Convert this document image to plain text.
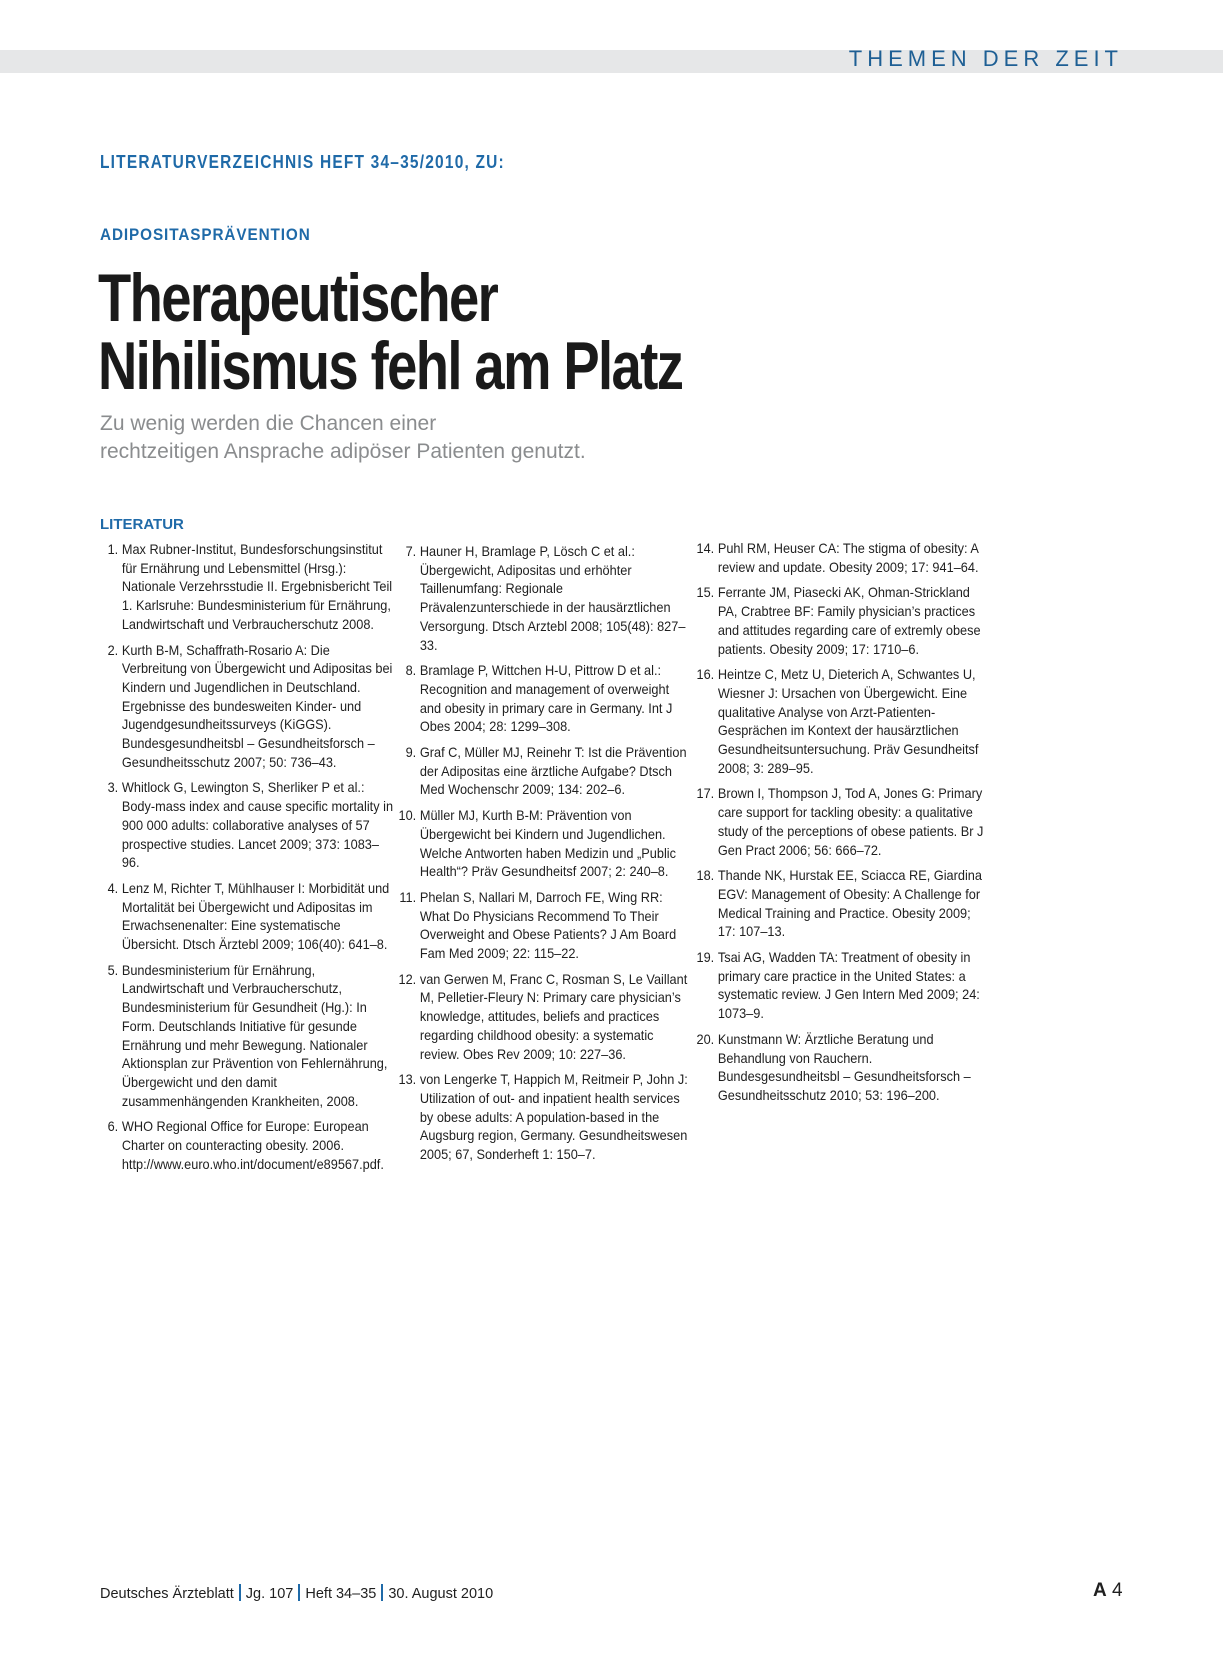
THEMEN DER ZEIT
LITERATURVERZEICHNIS HEFT 34–35/2010, ZU:
ADIPOSITASPRÄVENTION
Therapeutischer
Nihilismus fehl am Platz
Zu wenig werden die Chancen einer
rechtzeitigen Ansprache adipöser Patienten genutzt.
LITERATUR
1. Max Rubner-Institut, Bundesforschungsinstitut für Ernährung und Lebensmittel (Hrsg.): Nationale Verzehrsstudie II. Ergebnisbericht Teil 1. Karlsruhe: Bundesministerium für Ernährung, Landwirtschaft und Verbraucherschutz 2008.
2. Kurth B-M, Schaffrath-Rosario A: Die Verbreitung von Übergewicht und Adipositas bei Kindern und Jugendlichen in Deutschland. Ergebnisse des bundesweiten Kinder- und Jugendgesundheitssurveys (KiGGS). Bundesgesundheitsbl – Gesundheitsforsch – Gesundheitsschutz 2007; 50: 736–43.
3. Whitlock G, Lewington S, Sherliker P et al.: Body-mass index and cause specific mortality in 900 000 adults: collaborative analyses of 57 prospective studies. Lancet 2009; 373: 1083–96.
4. Lenz M, Richter T, Mühlhauser I: Morbidität und Mortalität bei Übergewicht und Adipositas im Erwachsenenalter: Eine systematische Übersicht. Dtsch Ärztebl 2009; 106(40): 641–8.
5. Bundesministerium für Ernährung, Landwirtschaft und Verbraucherschutz, Bundesministerium für Gesundheit (Hg.): In Form. Deutschlands Initiative für gesunde Ernährung und mehr Bewegung. Nationaler Aktionsplan zur Prävention von Fehlernährung, Übergewicht und den damit zusammenhängenden Krankheiten, 2008.
6. WHO Regional Office for Europe: European Charter on counteracting obesity. 2006. http://www.euro.who.int/document/e89567.pdf.
7. Hauner H, Bramlage P, Lösch C et al.: Übergewicht, Adipositas und erhöhter Taillenumfang: Regionale Prävalenzunterschiede in der hausärztlichen Versorgung. Dtsch Arztebl 2008; 105(48): 827–33.
8. Bramlage P, Wittchen H-U, Pittrow D et al.: Recognition and management of overweight and obesity in primary care in Germany. Int J Obes 2004; 28: 1299–308.
9. Graf C, Müller MJ, Reinehr T: Ist die Prävention der Adipositas eine ärztliche Aufgabe? Dtsch Med Wochenschr 2009; 134: 202–6.
10. Müller MJ, Kurth B-M: Prävention von Übergewicht bei Kindern und Jugendlichen. Welche Antworten haben Medizin und „Public Health“? Präv Gesundheitsf 2007; 2: 240–8.
11. Phelan S, Nallari M, Darroch FE, Wing RR: What Do Physicians Recommend To Their Overweight and Obese Patients? J Am Board Fam Med 2009; 22: 115–22.
12. van Gerwen M, Franc C, Rosman S, Le Vaillant M, Pelletier-Fleury N: Primary care physician’s knowledge, attitudes, beliefs and practices regarding childhood obesity: a systematic review. Obes Rev 2009; 10: 227–36.
13. von Lengerke T, Happich M, Reitmeir P, John J: Utilization of out- and inpatient health services by obese adults: A population-based in the Augsburg region, Germany. Gesundheitswesen 2005; 67, Sonderheft 1: 150–7.
14. Puhl RM, Heuser CA: The stigma of obesity: A review and update. Obesity 2009; 17: 941–64.
15. Ferrante JM, Piasecki AK, Ohman-Strickland PA, Crabtree BF: Family physician’s practices and attitudes regarding care of extremly obese patients. Obesity 2009; 17: 1710–6.
16. Heintze C, Metz U, Dieterich A, Schwantes U, Wiesner J: Ursachen von Übergewicht. Eine qualitative Analyse von Arzt-Patienten-Gesprächen im Kontext der hausärztlichen Gesundheitsuntersuchung. Präv Gesundheitsf 2008; 3: 289–95.
17. Brown I, Thompson J, Tod A, Jones G: Primary care support for tackling obesity: a qualitative study of the perceptions of obese patients. Br J Gen Pract 2006; 56: 666–72.
18. Thande NK, Hurstak EE, Sciacca RE, Giardina EGV: Management of Obesity: A Challenge for Medical Training and Practice. Obesity 2009; 17: 107–13.
19. Tsai AG, Wadden TA: Treatment of obesity in primary care practice in the United States: a systematic review. J Gen Intern Med 2009; 24: 1073–9.
20. Kunstmann W: Ärztliche Beratung und Behandlung von Rauchern. Bundesgesundheitsbl – Gesundheitsforsch – Gesundheitsschutz 2010; 53: 196–200.
Deutsches Ärzteblatt Jg. 107 Heft 34–35 30. August 2010	A 4
